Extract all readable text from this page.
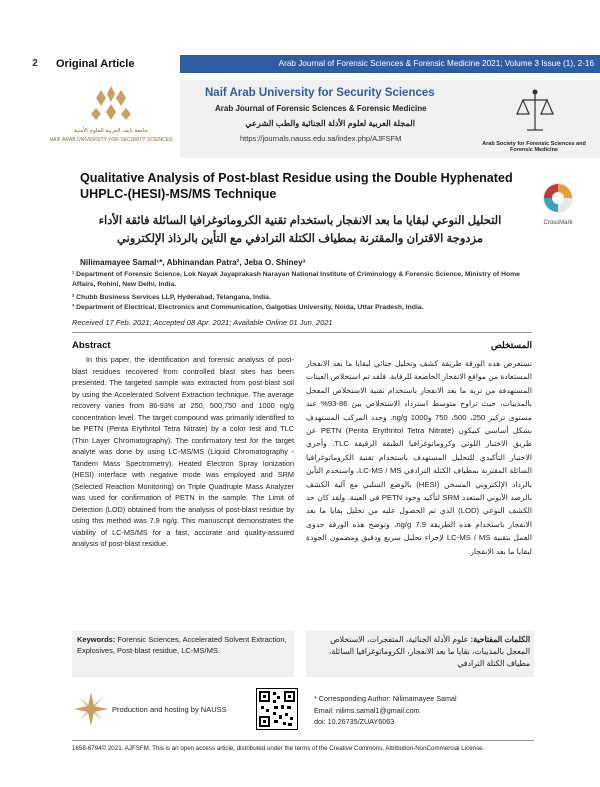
2	Original Article	Arab Journal of Forensic Sciences & Forensic Medicine 2021; Volume 3 Issue (1), 2-16
جامعة نايف العربية للعلوم الأمنية
NAIF ARAB UNIVERSITY FOR SECURITY SCIENCES
Naif Arab University for Security Sciences
Arab Journal of Forensic Sciences & Forensic Medicine
المجلة العربية لعلوم الأدلة الجنائية والطب الشرعي
https://journals.nauss.edu.sa/index.php/AJFSFM
Arab Society for Forensic Sciences and Forensic Medicine
Qualitative Analysis of Post-blast Residue using the Double Hyphenated UHPLC-(HESI)-MS/MS Technique
CrossMark
التحليل النوعي لبقايا ما بعد الانفجار باستخدام تقنية الكروماتوغرافيا السائلة فائقة الأداء مزدوجة الاقتران والمقترنة بمطياف الكتلة الترادفي مع التأين بالرذاذ الإلكتروني
Nilimamayee Samal¹*, Abhinandan Patra², Jeba O. Shiney³
¹ Department of Forensic Science, Lok Nayak Jayaprakash Narayan National Institute of Criminology & Forensic Science, Ministry of Home Affairs, Rohini, New Delhi, India.
² Chubb Business Services LLP, Hyderabad, Telangana, India.
³ Department of Electrical, Electronics and Communication, Galgotias University, Noida, Uttar Pradesh, India.
Received 17 Feb. 2021; Accepted 08 Apr. 2021; Available Online 01 Jun. 2021
Abstract

In this paper, the identification and forensic analysis of post-blast residues recovered from controlled blast sites has been presented. The targeted sample was extracted from post-blast soil by using the Accelerated Solvent Extraction technique. The average recovery varies from 86-93% at 250, 500,750 and 1000 ng/g concentration level. The target compound was primarily identified to be PETN (Penta Erythritol Tetra Nitrate) by a color test and TLC (Thin Layer Chromatography). The confirmatory test for the target analyte was done by using LC-MS/MS (Liquid Chromatography - Tandem Mass Spectrometry). Heated Electron Spray Ionization (HESI) interface with negative mode was employed and SRM (Selected Reaction Monitoring) on Triple Quadruple Mass Analyzer was used for confirmation of PETN in the sample. The Limit of Detection (LOD) obtained from the analysis of post-blast residue by using this method was 7.9 ng/g. This manuscript demonstrates the viability of LC-MS/MS for a fast, accurate and quality-assured analysis of post-blast residue.

المستخلص
تستعرض هذه الورقة طريقة كشف وتحليل جنائي لبقايا ما بعد الانفجار المستعادة من مواقع الانفجار الخاضعة للرقابة. فلقد تم استخلاص العينات المستهدفة من تربة ما بعد الانفجار باستخدام تقنية الاستخلاص المعجل بالمذيبات، حيث تراوح متوسط استرداد الاستخلاص بين 86-93% عند مستوى تركيز 250، 500، 750 و1000 ng/g. وحدد المركب المستهدف بشكل أساسي كبيكون PETN (Penta Erythritol Tetra Nitrate) عن طريق الاختبار اللوني وكروماتوغرافيا الطبقة الرقيقة TLC. وأجري الاختبار التأكيدي للتحليل المستهدف باستخدام تقنية الكروماتوغرافيا السائلة المقترنة بمطياف الكتلة الترادفي LC-MS / MS، واستخدم التأين بالرذاذ الإلكتروني المسخن (HESI) بالوضع السلبي مع آلية الكشف بالرصد الأيوني المتعدد SRM لتأكيد وجود PETN في العينة. ولقد كان حد الكشف النوعي (LOD) الذي تم الحصول عليه من تحليل بقايا ما بعد الانفجار باستخدام هذه الطريقة 7.9 ng/g، وتوضح هذه الورقة جدوى العمل بتقنية LC-MS / MS لإجراء تحليل سريع ودقيق ومضمون الجودة لبقايا ما بعد الانفجار.
Keywords: Forensic Sciences, Accelerated Solvent Extraction, Explosives, Post-blast residue, LC-MS/MS.
الكلمات المفتاحية: علوم الأدلة الجنائية، المتفجرات، الاستخلاص المعجل بالمذيبات، بقايا ما بعد الانفجار، الكروماتوغرافيا السائلة، مطياف الكتلة الترادفي
Production and hosting by NAUSS
* Corresponding Author: Nilimamayee Samal
Email: nilims.samal1@gmail.com
doi: 10.26735/ZUAY6063
1658-6794© 2021. AJFSFM. This is an open access article, distributed under the terms of the Creative Commons, Attribution-NonCommercial License.
